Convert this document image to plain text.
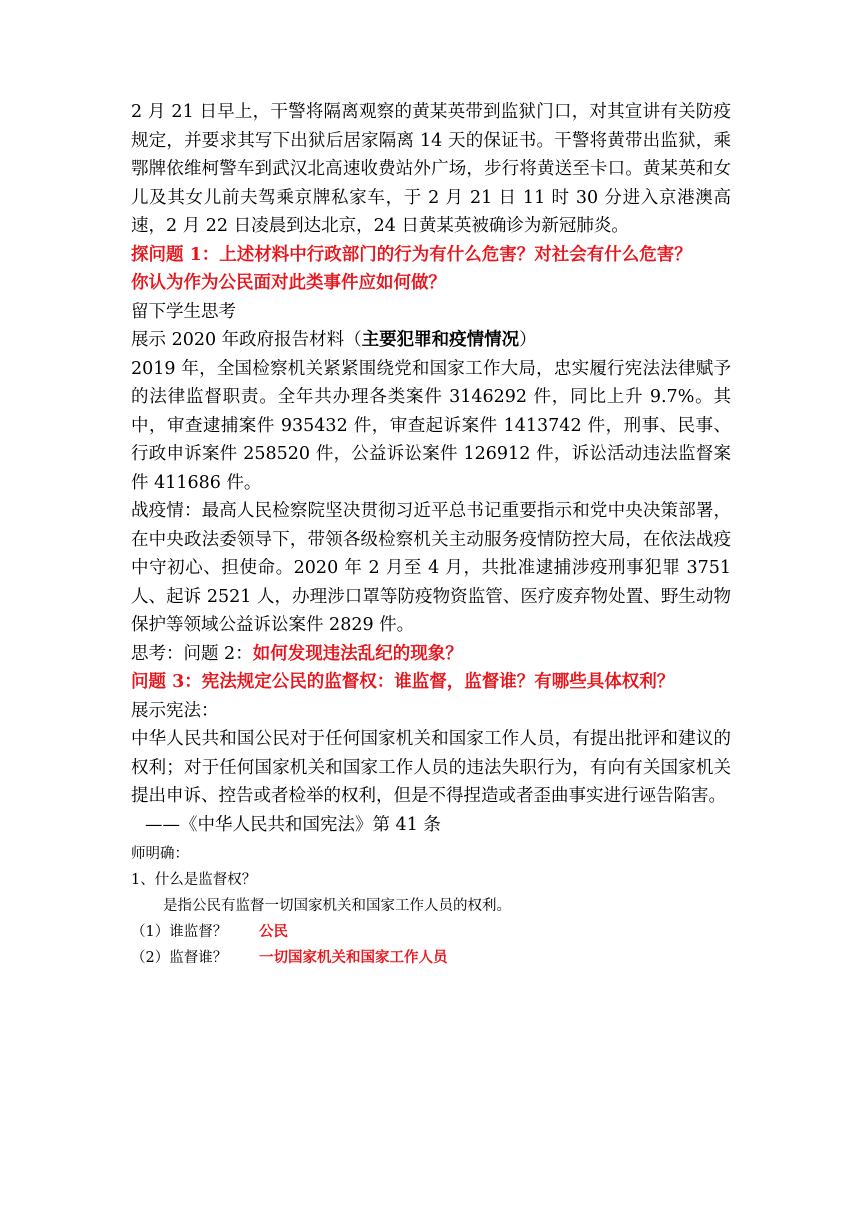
2 月 21 日早上，干警将隔离观察的黄某英带到监狱门口，对其宣讲有关防疫规定，并要求其写下出狱后居家隔离 14 天的保证书。干警将黄带出监狱，乘鄂牌依维柯警车到武汉北高速收费站外广场，步行将黄送至卡口。黄某英和女儿及其女儿前夫驾乘京牌私家车，于 2 月 21 日 11 时 30 分进入京港澳高速，2 月 22 日凌晨到达北京，24 日黄某英被确诊为新冠肺炎。

探问题 1：上述材料中行政部门的行为有什么危害？对社会有什么危害？

你认为作为公民面对此类事件应如何做？

留下学生思考

展示 2020 年政府报告材料（主要犯罪和疫情情况）

2019 年，全国检察机关紧紧围绕党和国家工作大局，忠实履行宪法法律赋予的法律监督职责。全年共办理各类案件 3146292 件，同比上升 9.7%。其中，审查逮捕案件 935432 件，审查起诉案件 1413742 件，刑事、民事、行政申诉案件 258520 件，公益诉讼案件 126912 件，诉讼活动违法监督案件 411686 件。

战疫情：最高人民检察院坚决贯彻习近平总书记重要指示和党中央决策部署，在中央政法委领导下，带领各级检察机关主动服务疫情防控大局，在依法战疫中守初心、担使命。2020 年 2 月至 4 月，共批准逮捕涉疫刑事犯罪 3751 人、起诉 2521 人，办理涉口罩等防疫物资监管、医疗废弃物处置、野生动物保护等领域公益诉讼案件 2829 件。

思考：问题 2：如何发现违法乱纪的现象？

问题 3：宪法规定公民的监督权：谁监督，监督谁？有哪些具体权利？

展示宪法：

中华人民共和国公民对于任何国家机关和国家工作人员，有提出批评和建议的权利；对于任何国家机关和国家工作人员的违法失职行为，有向有关国家机关提出申诉、控告或者检举的权利，但是不得捏造或者歪曲事实进行诬告陷害。

——《中华人民共和国宪法》第 41 条

师明确：

1、什么是监督权？

是指公民有监督一切国家机关和国家工作人员的权利。

（1）谁监督？ 公民

（2）监督谁？ 一切国家机关和国家工作人员
